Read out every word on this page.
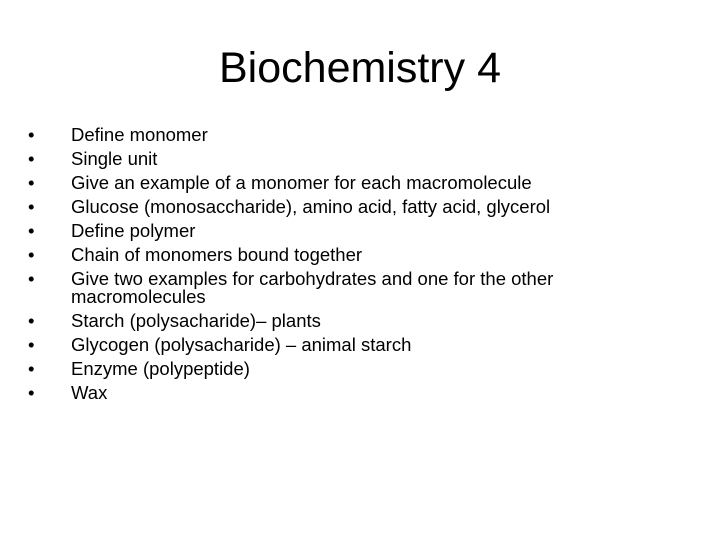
Biochemistry 4
•	Define monomer
•	Single unit
•	Give an example of a monomer for each macromolecule
•	Glucose (monosaccharide), amino acid, fatty acid, glycerol
•	Define polymer
•	Chain of monomers bound together
•	Give two examples for carbohydrates and one for the other macromolecules
•	Starch (polysacharide)– plants
•	Glycogen (polysacharide) – animal starch
•	Enzyme (polypeptide)
•	Wax
